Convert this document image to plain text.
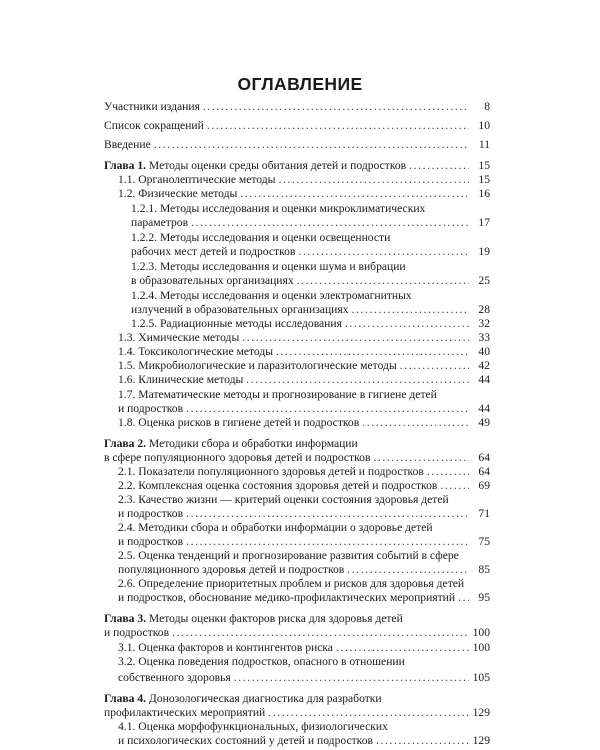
ОГЛАВЛЕНИЕ
Участники издания .....	8
Список сокращений .....	10
Введение .....	11
Глава 1. Методы оценки среды обитания детей и подростков .....	15
1.1. Органолептические методы .....	15
1.2. Физические методы .....	16
1.2.1. Методы исследования и оценки микроклиматических
параметров .....	17
1.2.2. Методы исследования и оценки освещенности
рабочих мест детей и подростков .....	19
1.2.3. Методы исследования и оценки шума и вибрации
в образовательных организациях .....	25
1.2.4. Методы исследования и оценки электромагнитных
излучений в образовательных организациях .....	28
1.2.5. Радиационные методы исследования .....	32
1.3. Химические методы .....	33
1.4. Токсикологические методы .....	40
1.5. Микробиологические и паразитологические методы .....	42
1.6. Клинические методы .....	44
1.7. Математические методы и прогнозирование в гигиене детей
и подростков .....	44
1.8. Оценка рисков в гигиене детей и подростков .....	49
Глава 2. Методики сбора и обработки информации
в сфере популяционного здоровья детей и подростков .....	64
2.1. Показатели популяционного здоровья детей и подростков .....	64
2.2. Комплексная оценка состояния здоровья детей и подростков .....	69
2.3. Качество жизни — критерий оценки состояния здоровья детей
и подростков .....	71
2.4. Методики сбора и обработки информации о здоровье детей
и подростков .....	75
2.5. Оценка тенденций и прогнозирование развития событий в сфере
популяционного здоровья детей и подростков .....	85
2.6. Определение приоритетных проблем и рисков для здоровья детей
и подростков, обоснование медико-профилактических мероприятий .....	95
Глава 3. Методы оценки факторов риска для здоровья детей
и подростков .....	100
3.1. Оценка факторов и контингентов риска .....	100
3.2. Оценка поведения подростков, опасного в отношении
собственного здоровья .....	105
Глава 4. Донозологическая диагностика для разработки
профилактических мероприятий .....	129
4.1. Оценка морфофункциональных, физиологических
и психологических состояний у детей и подростков .....	129
